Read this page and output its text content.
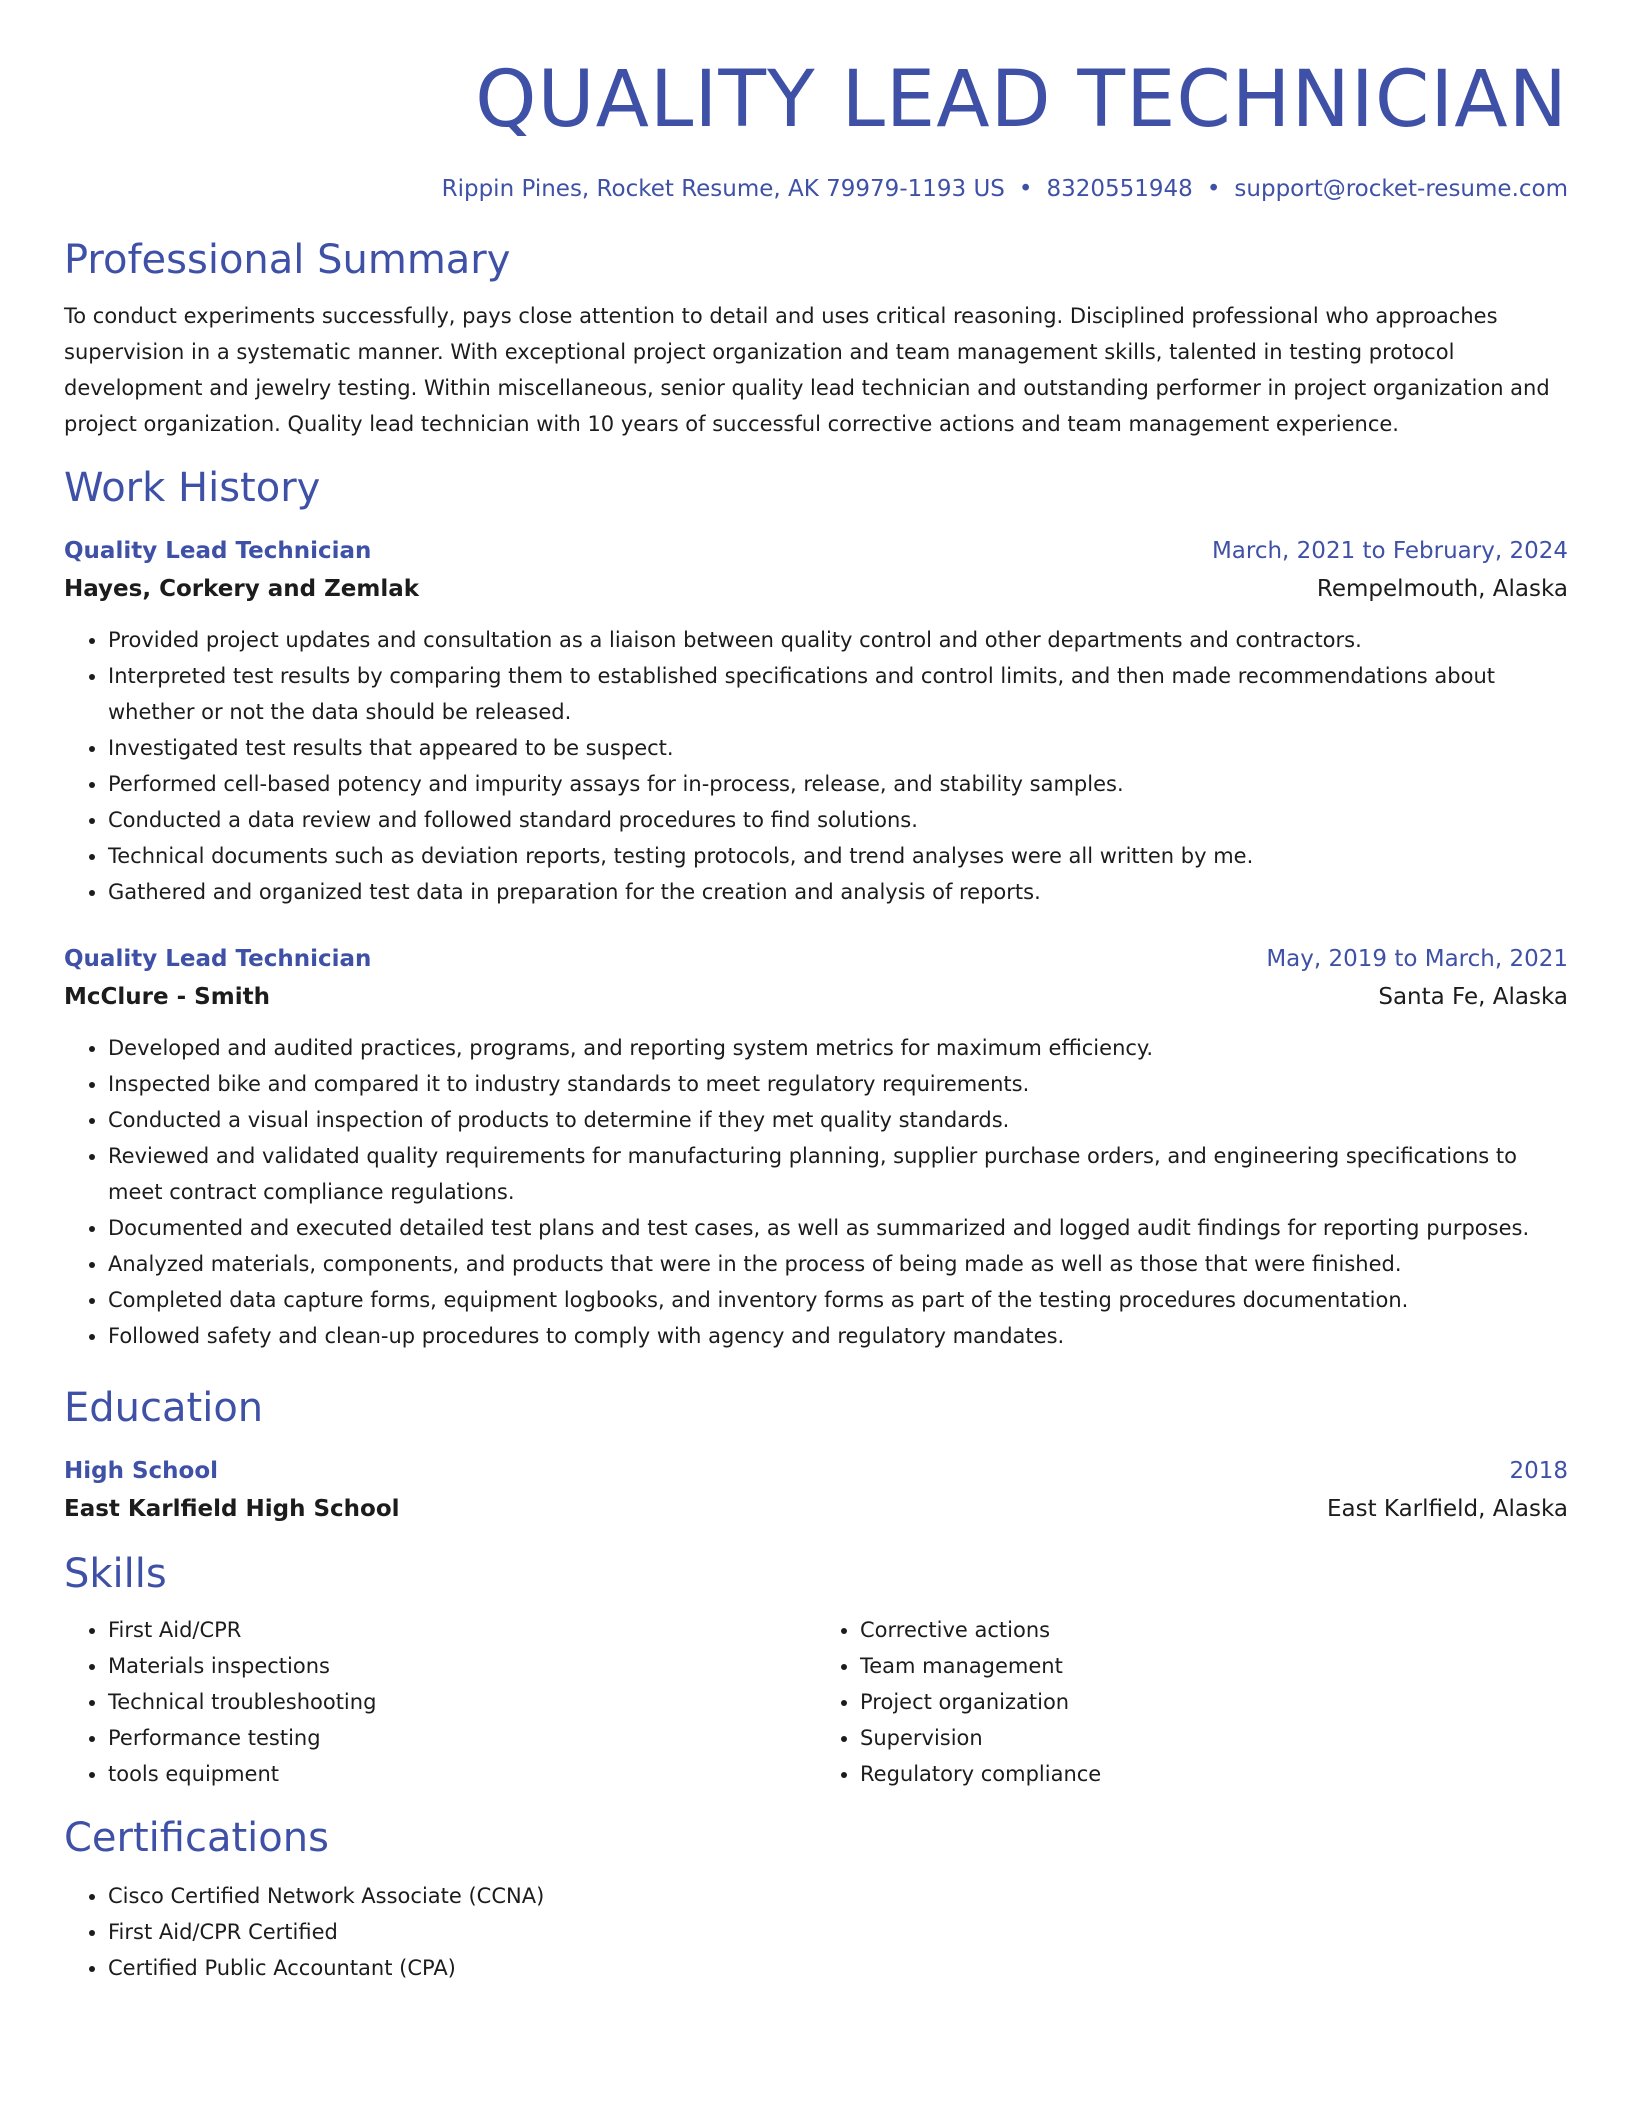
QUALITY LEAD TECHNICIAN
Rippin Pines, Rocket Resume, AK 79979-1193 US • 8320551948 • support@rocket-resume.com
Professional Summary

To conduct experiments successfully, pays close attention to detail and uses critical reasoning. Disciplined professional who approaches supervision in a systematic manner. With exceptional project organization and team management skills, talented in testing protocol development and jewelry testing. Within miscellaneous, senior quality lead technician and outstanding performer in project organization and project organization. Quality lead technician with 10 years of successful corrective actions and team management experience.

Work History
Quality Lead Technician	March, 2021 to February, 2024
Hayes, Corkery and Zemlak	Rempelmouth, Alaska
• Provided project updates and consultation as a liaison between quality control and other departments and contractors.
• Interpreted test results by comparing them to established specifications and control limits, and then made recommendations about whether or not the data should be released.
• Investigated test results that appeared to be suspect.
• Performed cell-based potency and impurity assays for in-process, release, and stability samples.
• Conducted a data review and followed standard procedures to find solutions.
• Technical documents such as deviation reports, testing protocols, and trend analyses were all written by me.
• Gathered and organized test data in preparation for the creation and analysis of reports.
Quality Lead Technician	May, 2019 to March, 2021
McClure - Smith	Santa Fe, Alaska
• Developed and audited practices, programs, and reporting system metrics for maximum efficiency.
• Inspected bike and compared it to industry standards to meet regulatory requirements.
• Conducted a visual inspection of products to determine if they met quality standards.
• Reviewed and validated quality requirements for manufacturing planning, supplier purchase orders, and engineering specifications to meet contract compliance regulations.
• Documented and executed detailed test plans and test cases, as well as summarized and logged audit findings for reporting purposes.
• Analyzed materials, components, and products that were in the process of being made as well as those that were finished.
• Completed data capture forms, equipment logbooks, and inventory forms as part of the testing procedures documentation.
• Followed safety and clean-up procedures to comply with agency and regulatory mandates.
Education
High School	2018
East Karlfield High School	East Karlfield, Alaska
Skills
• First Aid/CPR
• Materials inspections
• Technical troubleshooting
• Performance testing
• tools equipment
• Corrective actions
• Team management
• Project organization
• Supervision
• Regulatory compliance
Certifications
• Cisco Certified Network Associate (CCNA)
• First Aid/CPR Certified
• Certified Public Accountant (CPA)
